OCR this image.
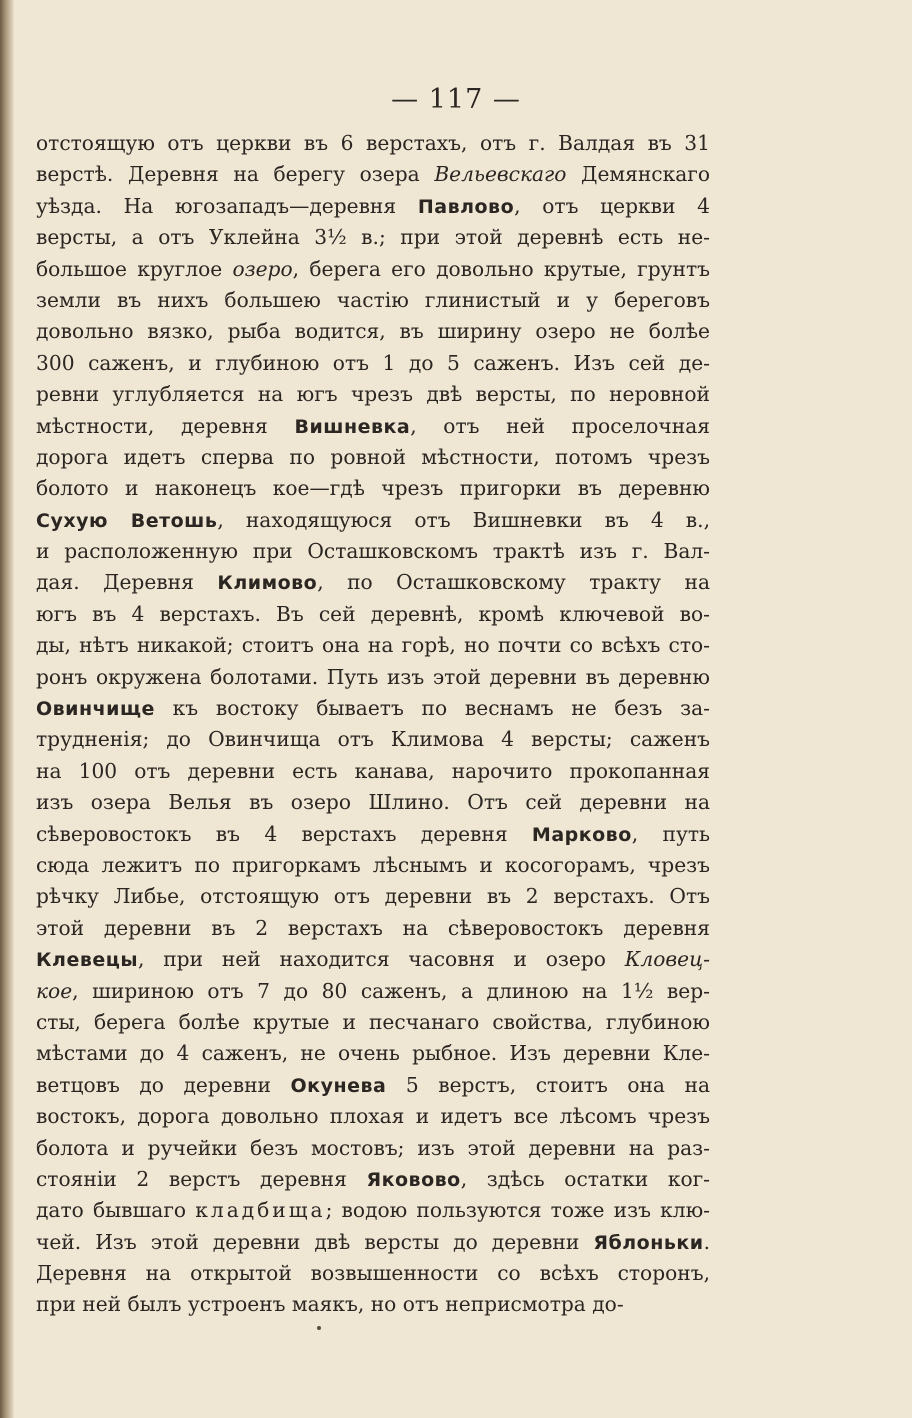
— 117 —
отстоящую отъ церкви въ 6 верстахъ, отъ г. Валдая въ 31
верстѣ. Деревня на берегу озера Вельевскаго Демянскаго
уѣзда. На югозападъ—деревня Павлово, отъ церкви 4
версты, а отъ Уклейна 3½ в.; при этой деревнѣ есть не-
большое круглое озеро, берега его довольно крутые, грунтъ
земли въ нихъ большею частію глинистый и у береговъ
довольно вязко, рыба водится, въ ширину озеро не болѣе
300 саженъ, и глубиною отъ 1 до 5 саженъ. Изъ сей де-
ревни углубляется на югъ чрезъ двѣ версты, по неровной
мѣстности, деревня Вишневка, отъ ней проселочная
дорога идетъ сперва по ровной мѣстности, потомъ чрезъ
болото и наконецъ кое—гдѣ чрезъ пригорки въ деревню
Сухую Ветошь, находящуюся отъ Вишневки въ 4 в.,
и расположенную при Осташковскомъ трактѣ изъ г. Вал-
дая. Деревня Климово, по Осташковскому тракту на
югъ въ 4 верстахъ. Въ сей деревнѣ, кромѣ ключевой во-
ды, нѣтъ никакой; стоитъ она на горѣ, но почти со всѣхъ сто-
ронъ окружена болотами. Путь изъ этой деревни въ деревню
Овинчище къ востоку бываетъ по веснамъ не безъ за-
трудненія; до Овинчища отъ Климова 4 версты; саженъ
на 100 отъ деревни есть канава, нарочито прокопанная
изъ озера Велья въ озеро Шлино. Отъ сей деревни на
сѣверовостокъ въ 4 верстахъ деревня Марково, путь
сюда лежитъ по пригоркамъ лѣснымъ и косогорамъ, чрезъ
рѣчку Либье, отстоящую отъ деревни въ 2 верстахъ. Отъ
этой деревни въ 2 верстахъ на сѣверовостокъ деревня
Клевецы, при ней находится часовня и озеро Кловец-
кое, шириною отъ 7 до 80 саженъ, а длиною на 1½ вер-
сты, берега болѣе крутые и песчанаго свойства, глубиною
мѣстами до 4 саженъ, не очень рыбное. Изъ деревни Кле-
ветцовъ до деревни Окунева 5 верстъ, стоитъ она на
востокъ, дорога довольно плохая и идетъ все лѣсомъ чрезъ
болота и ручейки безъ мостовъ; изъ этой деревни на раз-
стояніи 2 верстъ деревня Яковово, здѣсь остатки ког-
дато бывшаго кладбища; водою пользуются тоже изъ клю-
чей. Изъ этой деревни двѣ версты до деревни Яблоньки.
Деревня на открытой возвышенности со всѣхъ сторонъ,
при ней былъ устроенъ маякъ, но отъ неприсмотра до-
